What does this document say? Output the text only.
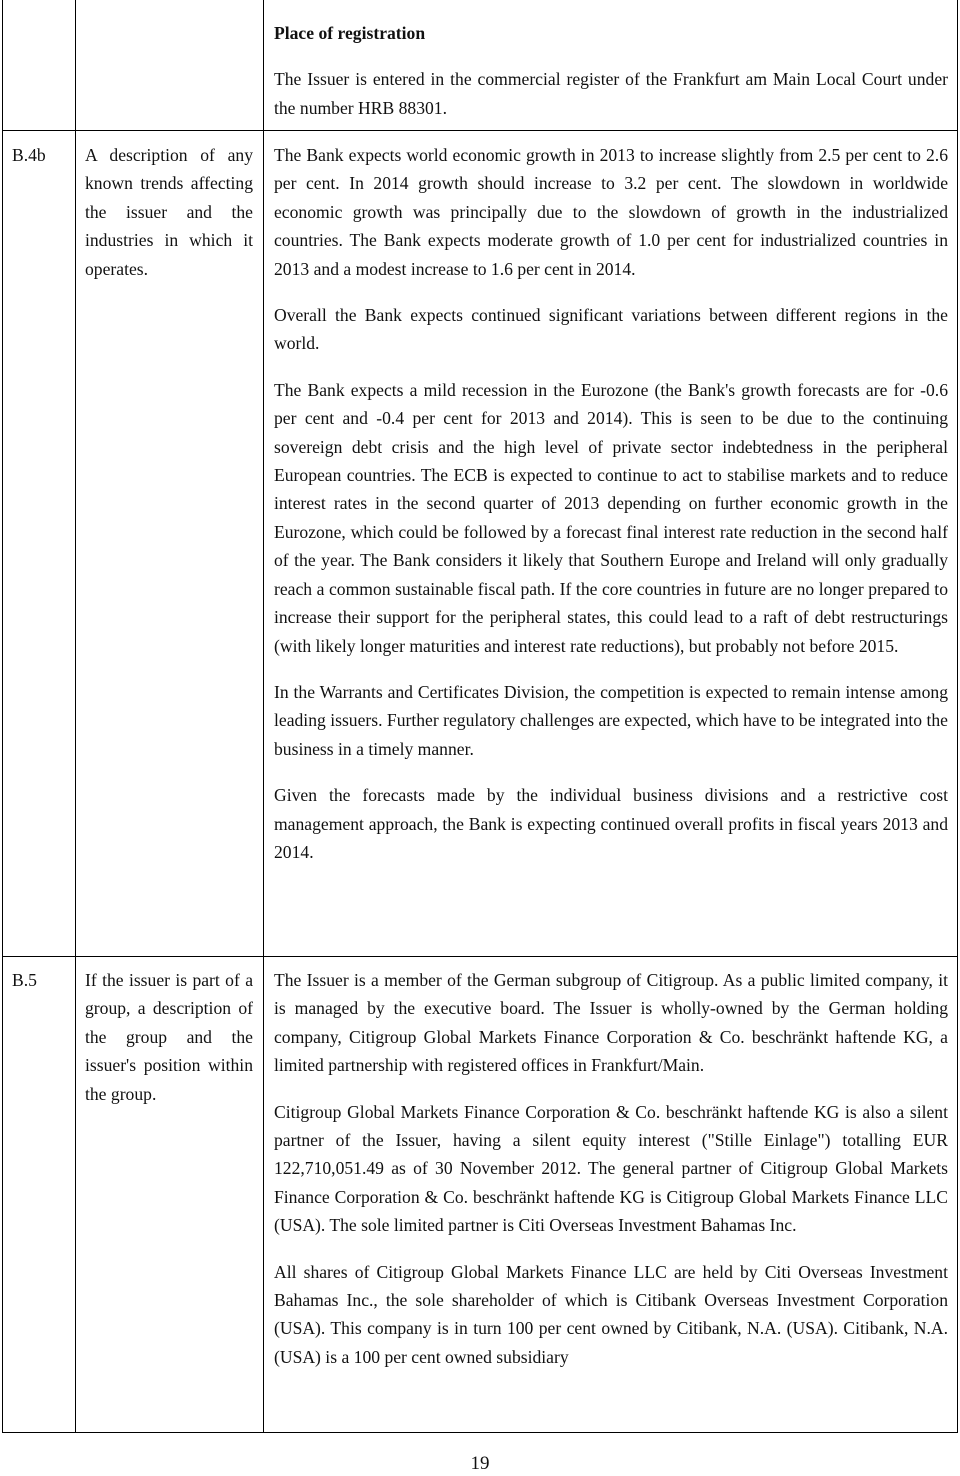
Place of registration

The Issuer is entered in the commercial register of the Frankfurt am Main Local Court under the number HRB 88301.

B.4b	A description of any known trends affecting the issuer and the industries in which it operates.

The Bank expects world economic growth in 2013 to increase slightly from 2.5 per cent to 2.6 per cent. In 2014 growth should increase to 3.2 per cent. The slowdown in worldwide economic growth was principally due to the slowdown of growth in the industrialized countries. The Bank expects moderate growth of 1.0 per cent for industrialized countries in 2013 and a modest increase to 1.6 per cent in 2014.

Overall the Bank expects continued significant variations between different regions in the world.

The Bank expects a mild recession in the Eurozone (the Bank's growth forecasts are for -0.6 per cent and -0.4 per cent for 2013 and 2014). This is seen to be due to the continuing sovereign debt crisis and the high level of private sector indebtedness in the peripheral European countries. The ECB is expected to continue to act to stabilise markets and to reduce interest rates in the second quarter of 2013 depending on further economic growth in the Eurozone, which could be followed by a forecast final interest rate reduction in the second half of the year. The Bank considers it likely that Southern Europe and Ireland will only gradually reach a common sustainable fiscal path. If the core countries in future are no longer prepared to increase their support for the peripheral states, this could lead to a raft of debt restructurings (with likely longer maturities and interest rate reductions), but probably not before 2015.

In the Warrants and Certificates Division, the competition is expected to remain intense among leading issuers. Further regulatory challenges are expected, which have to be integrated into the business in a timely manner.

Given the forecasts made by the individual business divisions and a restrictive cost management approach, the Bank is expecting continued overall profits in fiscal years 2013 and 2014.

B.5	If the issuer is part of a group, a description of the group and the issuer's position within the group.

The Issuer is a member of the German subgroup of Citigroup. As a public limited company, it is managed by the executive board. The Issuer is wholly-owned by the German holding company, Citigroup Global Markets Finance Corporation & Co. beschränkt haftende KG, a limited partnership with registered offices in Frankfurt/Main.

Citigroup Global Markets Finance Corporation & Co. beschränkt haftende KG is also a silent partner of the Issuer, having a silent equity interest ("Stille Einlage") totalling EUR 122,710,051.49 as of 30 November 2012. The general partner of Citigroup Global Markets Finance Corporation & Co. beschränkt haftende KG is Citigroup Global Markets Finance LLC (USA). The sole limited partner is Citi Overseas Investment Bahamas Inc.

All shares of Citigroup Global Markets Finance LLC are held by Citi Overseas Investment Bahamas Inc., the sole shareholder of which is Citibank Overseas Investment Corporation (USA). This company is in turn 100 per cent owned by Citibank, N.A. (USA). Citibank, N.A. (USA) is a 100 per cent owned subsidiary

19
